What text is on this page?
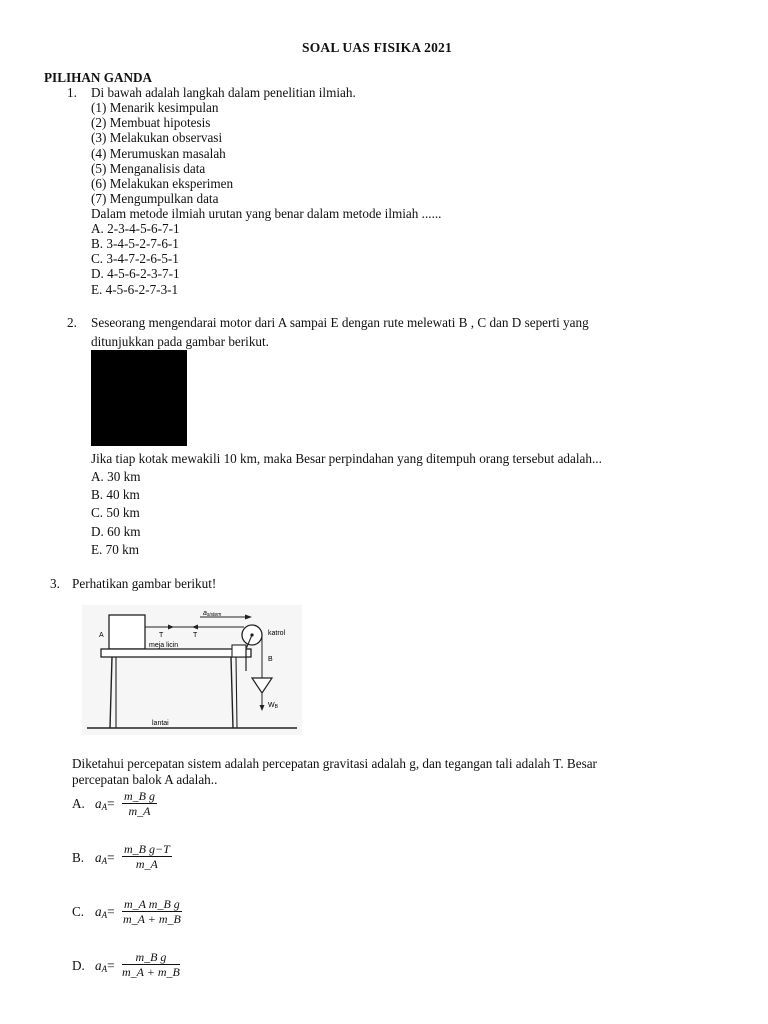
SOAL UAS FISIKA 2021
PILIHAN GANDA
1. Di bawah adalah langkah dalam penelitian ilmiah.
(1) Menarik kesimpulan
(2) Membuat hipotesis
(3) Melakukan observasi
(4) Merumuskan masalah
(5) Menganalisis data
(6) Melakukan eksperimen
(7) Mengumpulkan data
Dalam metode ilmiah urutan yang benar dalam metode ilmiah ......
A. 2-3-4-5-6-7-1
B. 3-4-5-2-7-6-1
C. 3-4-7-2-6-5-1
D. 4-5-6-2-3-7-1
E. 4-5-6-2-7-3-1
2. Seseorang mengendarai motor dari A sampai E dengan rute melewati B , C dan D seperti yang
ditunjukkan pada gambar berikut.
Jika tiap kotak mewakili 10 km, maka Besar perpindahan yang ditempuh orang tersebut adalah...
A. 30 km
B. 40 km
C. 50 km
D. 60 km
E. 70 km
3. Perhatikan gambar berikut!
A
lantai
T	T
asistem
katrol
B
WB
meja licin
Diketahui percepatan sistem adalah percepatan gravitasi adalah g, dan tegangan tali adalah T. Besar
percepatan balok A adalah..
A. $a_A= \frac{\text{m\_B g}}{m\_A}$
B. $a_A= \frac{\text{m\_B g−T}}{m\_A}$
C. $a_A= \frac{\text{m\_A m\_B g}}{m\_A + m\_B}$
D. $a_A= \frac{\text{m\_B g}}{m\_A + m\_B}$
